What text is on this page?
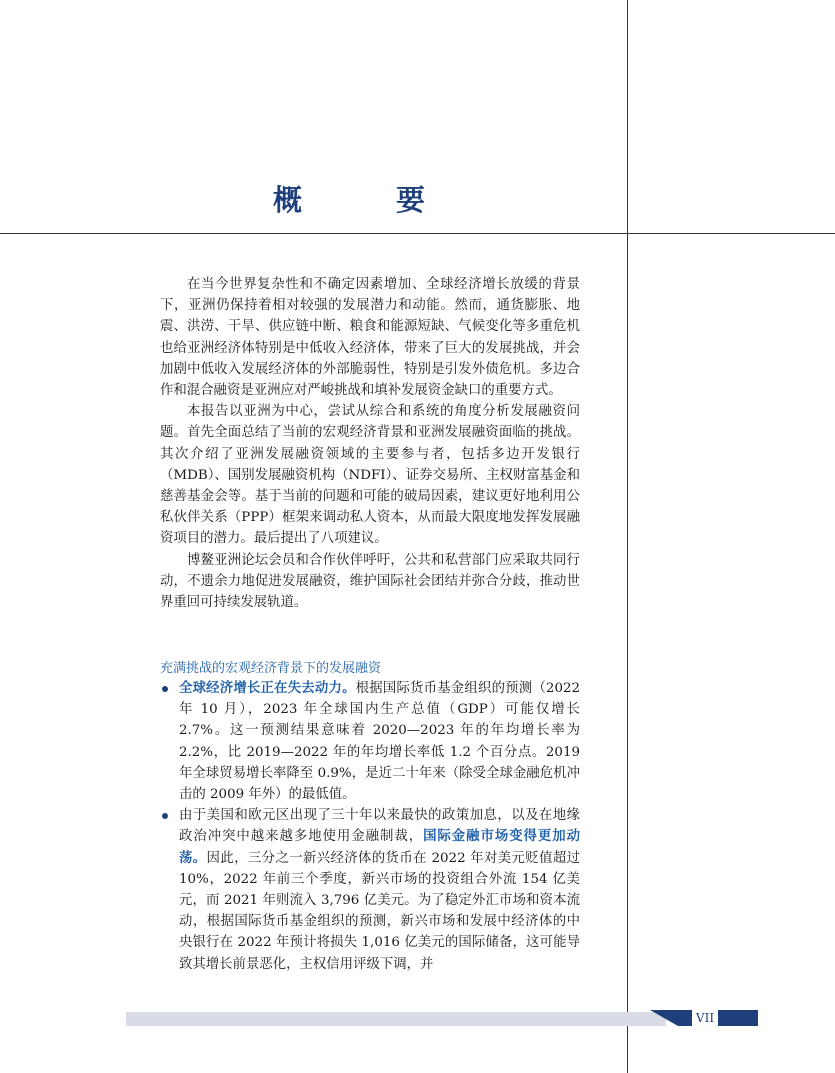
概 要

在当今世界复杂性和不确定因素增加、全球经济增长放缓的背景下，亚洲仍保持着相对较强的发展潜力和动能。然而，通货膨胀、地震、洪涝、干旱、供应链中断、粮食和能源短缺、气候变化等多重危机也给亚洲经济体特别是中低收入经济体，带来了巨大的发展挑战，并会加剧中低收入发展经济体的外部脆弱性，特别是引发外债危机。多边合作和混合融资是亚洲应对严峻挑战和填补发展资金缺口的重要方式。

本报告以亚洲为中心，尝试从综合和系统的角度分析发展融资问题。首先全面总结了当前的宏观经济背景和亚洲发展融资面临的挑战。其次介绍了亚洲发展融资领域的主要参与者，包括多边开发银行（MDB）、国别发展融资机构（NDFI）、证券交易所、主权财富基金和慈善基金会等。基于当前的问题和可能的破局因素，建议更好地利用公私伙伴关系（PPP）框架来调动私人资本，从而最大限度地发挥发展融资项目的潜力。最后提出了八项建议。

博鳌亚洲论坛会员和合作伙伴呼吁，公共和私营部门应采取共同行动，不遗余力地促进发展融资，维护国际社会团结并弥合分歧，推动世界重回可持续发展轨道。

充满挑战的宏观经济背景下的发展融资
全球经济增长正在失去动力。根据国际货币基金组织的预测（2022 年 10 月），2023 年全球国内生产总值（GDP）可能仅增长 2.7%。这一预测结果意味着 2020—2023 年的年均增长率为 2.2%，比 2019—2022 年的年均增长率低 1.2 个百分点。2019 年全球贸易增长率降至 0.9%，是近二十年来（除受全球金融危机冲击的 2009 年外）的最低值。
由于美国和欧元区出现了三十年以来最快的政策加息，以及在地缘政治冲突中越来越多地使用金融制裁，国际金融市场变得更加动荡。因此，三分之一新兴经济体的货币在 2022 年对美元贬值超过 10%，2022 年前三个季度，新兴市场的投资组合外流 154 亿美元，而 2021 年则流入 3,796 亿美元。为了稳定外汇市场和资本流动，根据国际货币基金组织的预测，新兴市场和发展中经济体的中央银行在 2022 年预计将损失 1,016 亿美元的国际储备，这可能导致其增长前景恶化，主权信用评级下调，并
VII
